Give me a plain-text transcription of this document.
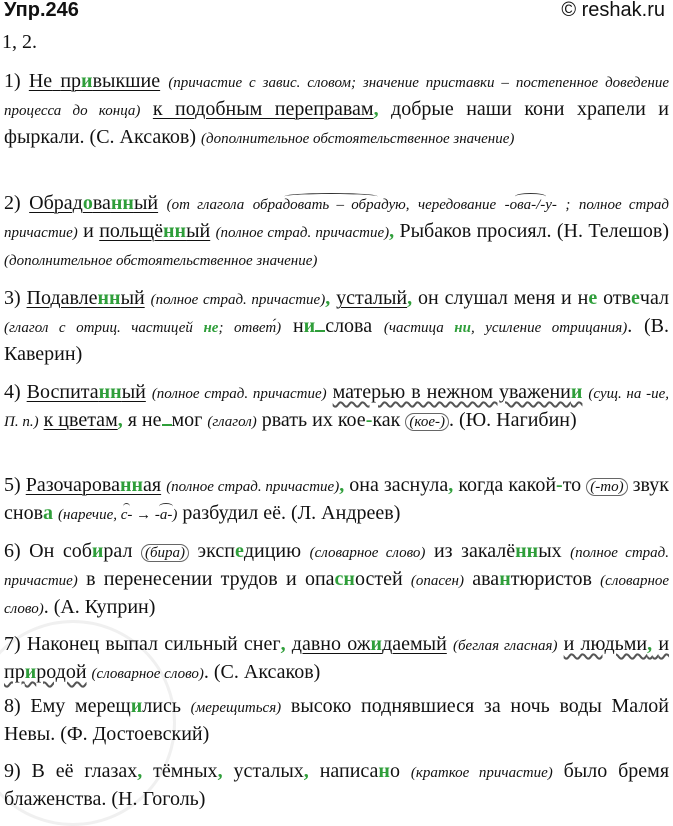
Упр.246	© reshak.ru
1, 2.

1) Не привыкшие (причастие с завис. словом; значение приставки – постепенное доведение процесса до конца) к подобным переправам, добрые наши кони храпели и фыркали. (С. Аксаков) (дополнительное обстоятельственное значение)

2) Обрадованный (от глагола обрадовать – обрадую, чередование -ова-/-у- ; полное страд причастие) и польщённый (полное страд. причастие), Рыбаков просиял. (Н. Телешов) (дополнительное обстоятельственное значение)

3) Подавленный (полное страд. причастие), усталый, он слушал меня и не отвечал (глагол с отриц. частицей не; ответ́) ни слова (частица ни, усиление отрицания). (В. Каверин)

4) Воспитанный (полное страд. причастие) матерью в нежном уважении (сущ. на -ие, П. п.) к цветам, я не мог (глагол) рвать их кое-как (кое-) . (Ю. Нагибин)

5) Разочарованная (полное страд. причастие), она заснула, когда какой-то (-то) звук снова (наречие, с- → -а-) разбудил её. (Л. Андреев)

6) Он собирал (бира) экспедицию (словарное слово) из закалённых (полное страд. причастие) в перенесении трудов и опасностей (опасен) авантюристов (словарное слово). (А. Куприн)

7) Наконец выпал сильный снег, давно ожидаемый (беглая гласная) и людьми, и природой (словарное слово). (С. Аксаков)

8) Ему мерещились (мерещиться) высоко поднявшиеся за ночь воды Малой Невы. (Ф. Достоевский)

9) В её глазах, тёмных, усталых, написано (краткое причастие) было бремя блаженства. (Н. Гоголь)
